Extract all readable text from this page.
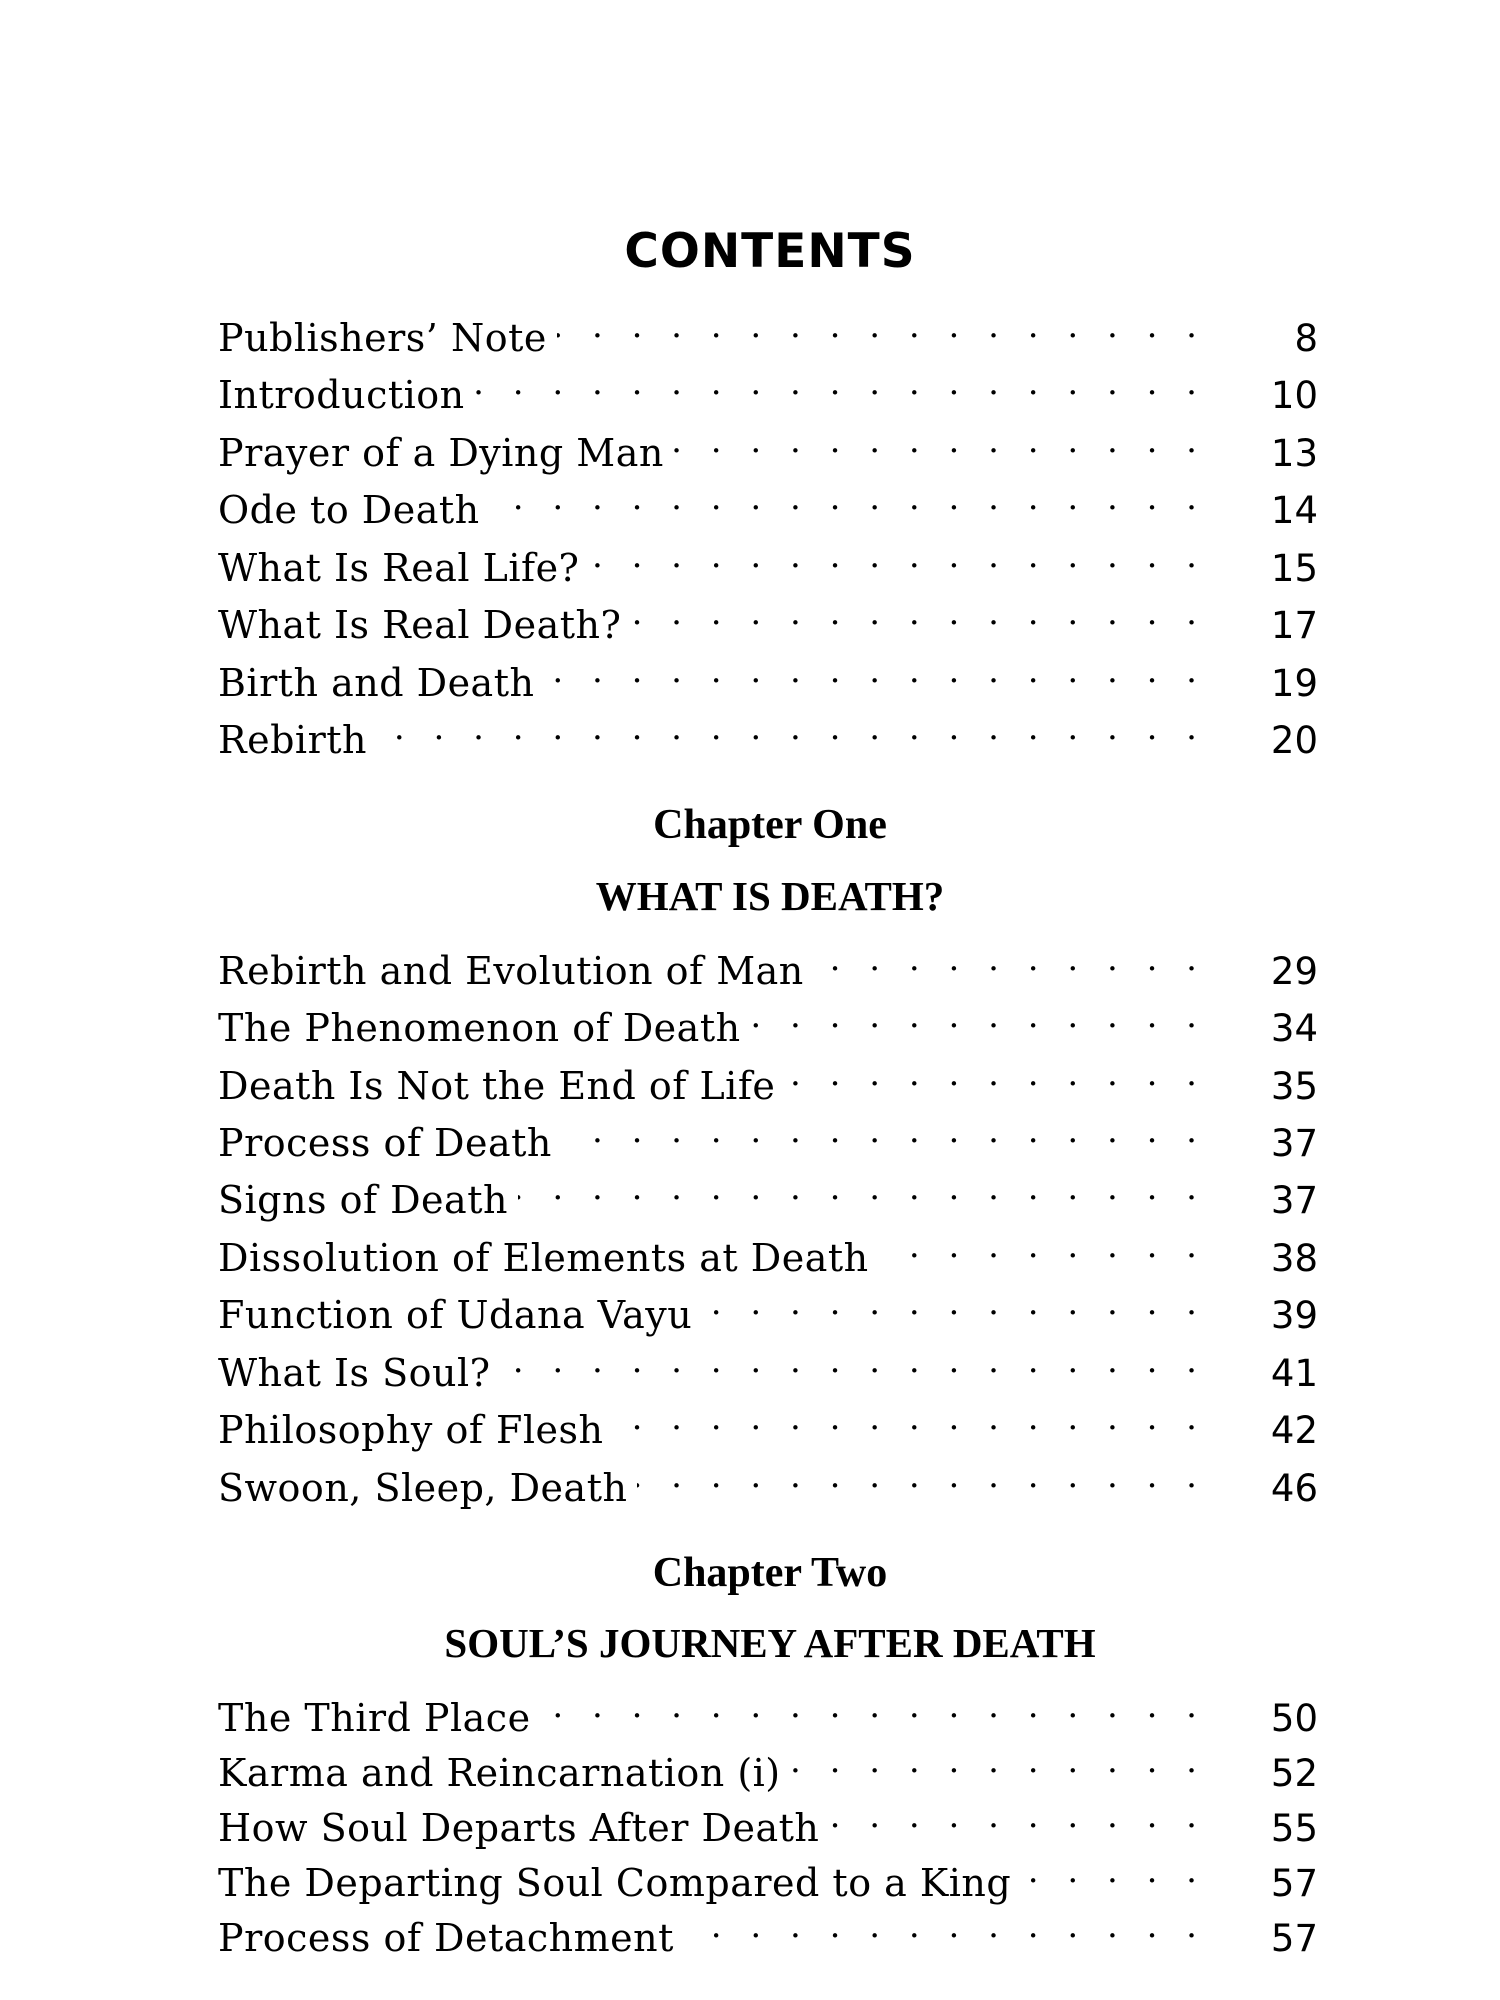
CONTENTS
Publishers’ Note . . .	8
Introduction . . .	10
Prayer of a Dying Man . . .	13
Ode to Death . . .	14
What Is Real Life? . . .	15
What Is Real Death? . . .	17
Birth and Death . . .	19
Rebirth . . .	20
Chapter One
WHAT IS DEATH?
Rebirth and Evolution of Man . . .	29
The Phenomenon of Death . . .	34
Death Is Not the End of Life . . .	35
Process of Death . . .	37
Signs of Death . . .	37
Dissolution of Elements at Death . . .	38
Function of Udana Vayu . . .	39
What Is Soul? . . .	41
Philosophy of Flesh . . .	42
Swoon, Sleep, Death . . .	46
Chapter Two
SOUL’S JOURNEY AFTER DEATH
The Third Place . . .	50
Karma and Reincarnation (i) . . .	52
How Soul Departs After Death . . .	55
The Departing Soul Compared to a King . . .	57
Process of Detachment . . .	57
